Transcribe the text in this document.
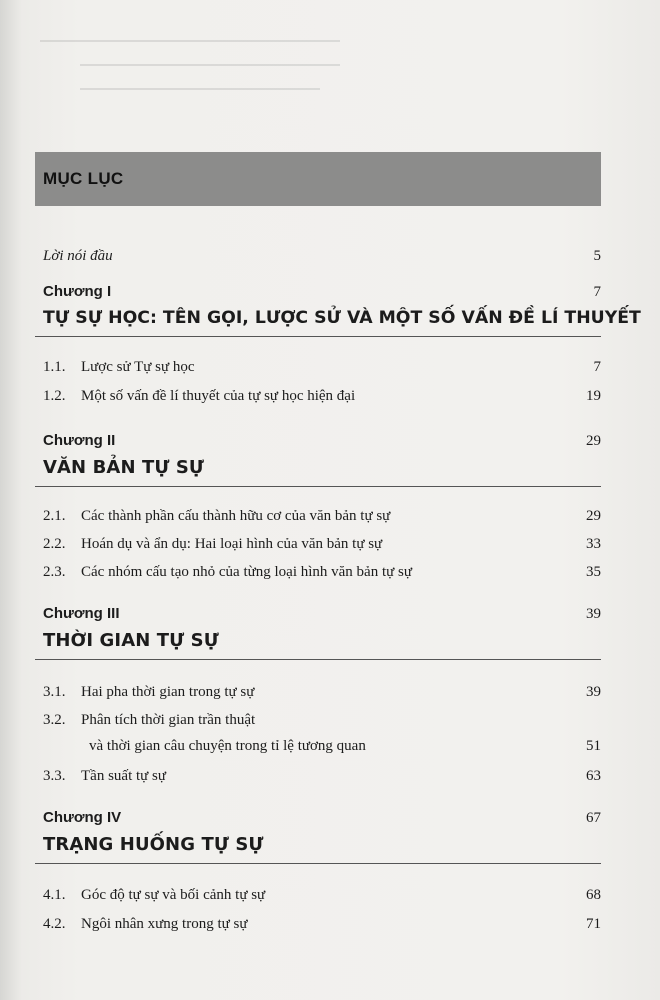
MỤC LỤC
Lời nói đầu	5
Chương I	7
TỰ SỰ HỌC: TÊN GỌI, LƯỢC SỬ VÀ MỘT SỐ VẤN ĐỀ LÍ THUYẾT
1.1.	Lược sử Tự sự học	7
1.2.	Một số vấn đề lí thuyết của tự sự học hiện đại	19
Chương II	29
VĂN BẢN TỰ SỰ
2.1.	Các thành phần cấu thành hữu cơ của văn bản tự sự	29
2.2.	Hoán dụ và ẩn dụ: Hai loại hình của văn bản tự sự	33
2.3.	Các nhóm cấu tạo nhỏ của từng loại hình văn bản tự sự	35
Chương III	39
THỜI GIAN TỰ SỰ
3.1.	Hai pha thời gian trong tự sự	39
3.2.	Phân tích thời gian trần thuật
và thời gian câu chuyện trong tỉ lệ tương quan	51
3.3.	Tần suất tự sự	63
Chương IV	67
TRẠNG HUỐNG TỰ SỰ
4.1.	Góc độ tự sự và bối cảnh tự sự	68
4.2.	Ngôi nhân xưng trong tự sự	71
